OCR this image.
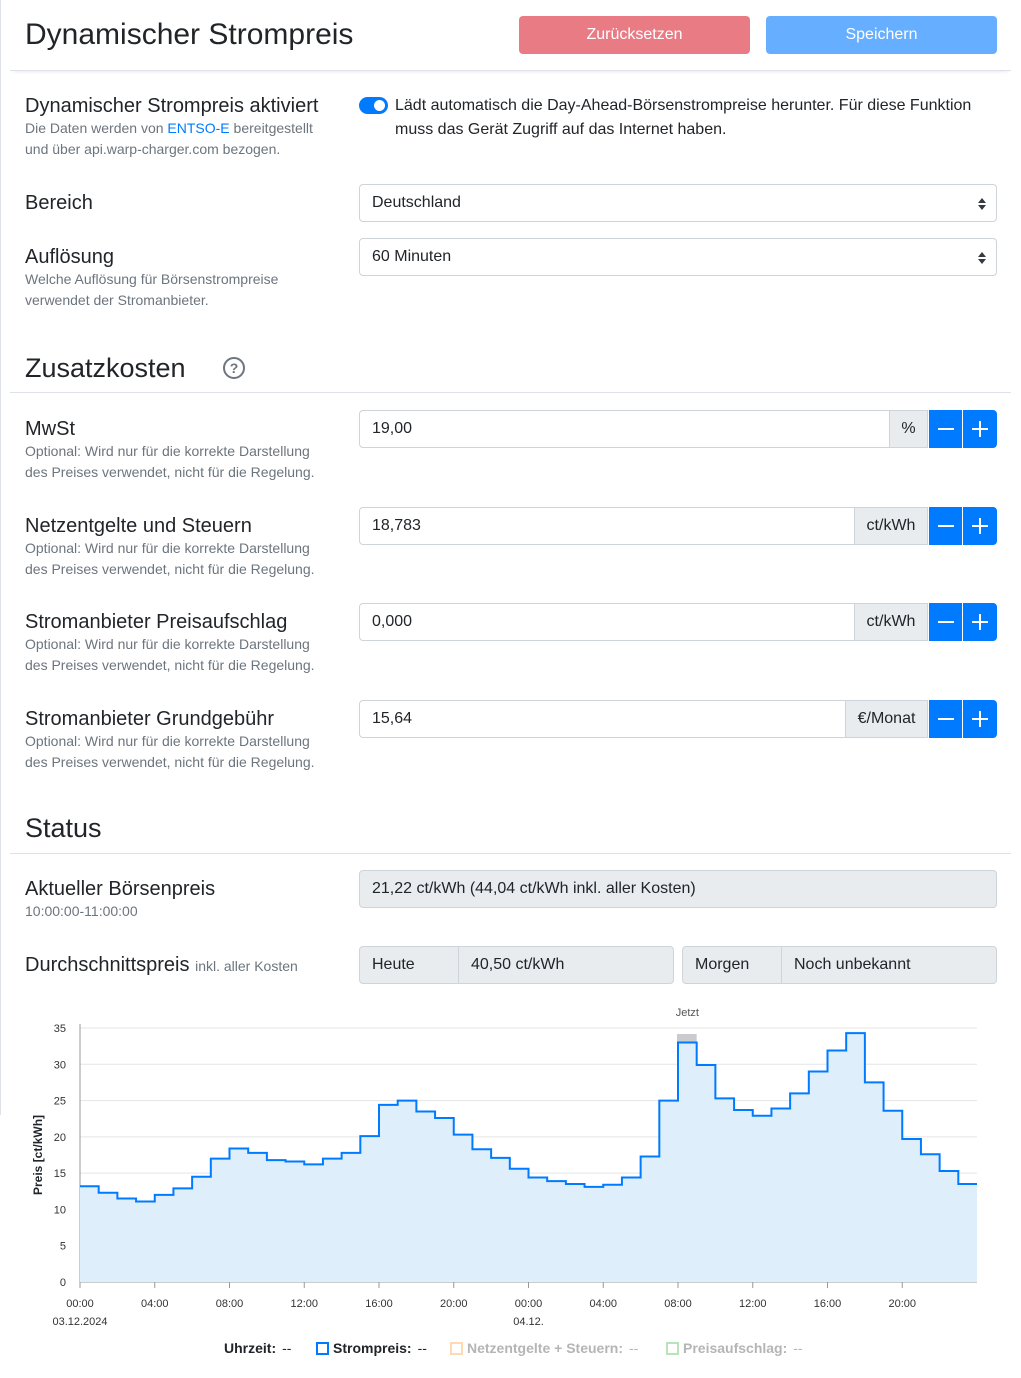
Dynamischer Strompreis	Zurücksetzen	Speichern
Dynamischer Strompreis aktiviert
Die Daten werden von ENTSO-E bereitgestellt und über api.warp-charger.com bezogen.
Lädt automatisch die Day-Ahead-Börsenstrompreise herunter. Für diese Funktion muss das Gerät Zugriff auf das Internet haben.
Bereich	Deutschland
Auflösung
Welche Auflösung für Börsenstrompreise verwendet der Stromanbieter.
60 Minuten
Zusatzkosten	?
MwSt
Optional: Wird nur für die korrekte Darstellung des Preises verwendet, nicht für die Regelung.
19,00	%
Netzentgelte und Steuern
Optional: Wird nur für die korrekte Darstellung des Preises verwendet, nicht für die Regelung.
18,783	ct/kWh
Stromanbieter Preisaufschlag
Optional: Wird nur für die korrekte Darstellung des Preises verwendet, nicht für die Regelung.
0,000	ct/kWh
Stromanbieter Grundgebühr
Optional: Wird nur für die korrekte Darstellung des Preises verwendet, nicht für die Regelung.
15,64	€/Monat
Status
Aktueller Börsenpreis
10:00:00-11:00:00
21,22 ct/kWh (44,04 ct/kWh inkl. aller Kosten)
Durchschnittspreis inkl. aller Kosten	Heute	40,50 ct/kWh	Morgen	Noch unbekannt
Jetzt
0
5
10
15
20
25
30
35
00:00	04:00	08:00	12:00	16:00	20:00	00:00	04:00	08:00	12:00	16:00	20:00
03.12.2024	04.12.
Preis [ct/kWh]
Uhrzeit: --	Strompreis: --	Netzentgelte + Steuern: --	Preisaufschlag: --
